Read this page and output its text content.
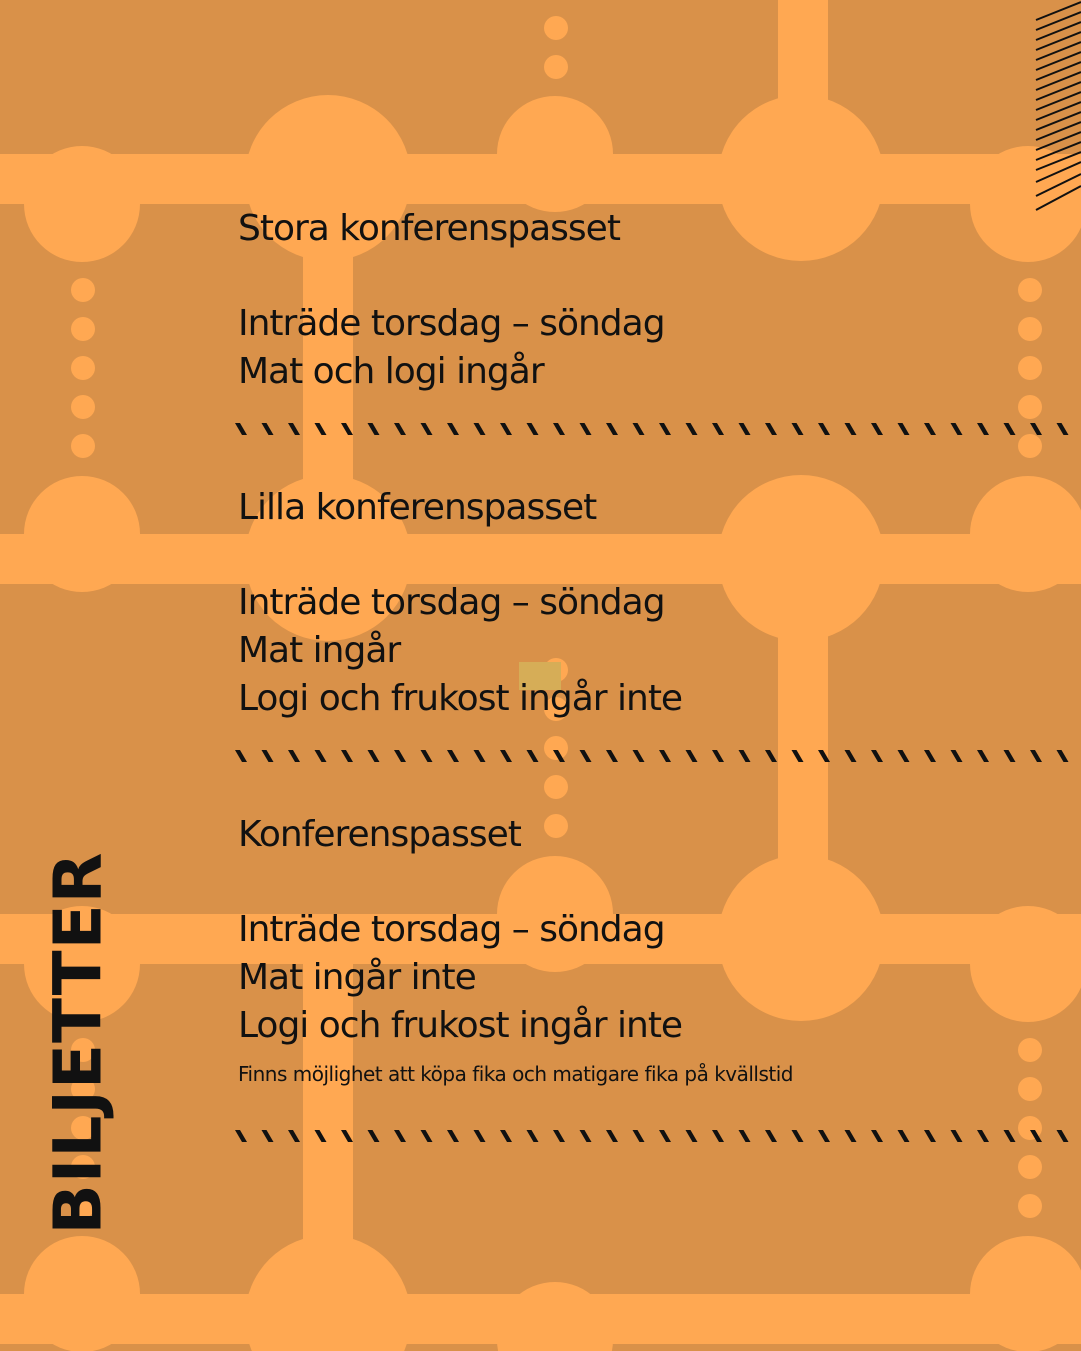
BILJETTER
Stora konferenspasset
Inträde torsdag – söndag
Mat och logi ingår
Lilla konferenspasset
Inträde torsdag – söndag
Mat ingår
Logi och frukost ingår inte
Konferenspasset
Inträde torsdag – söndag
Mat ingår inte
Logi och frukost ingår inte
Finns möjlighet att köpa fika och matigare fika på kvällstid
